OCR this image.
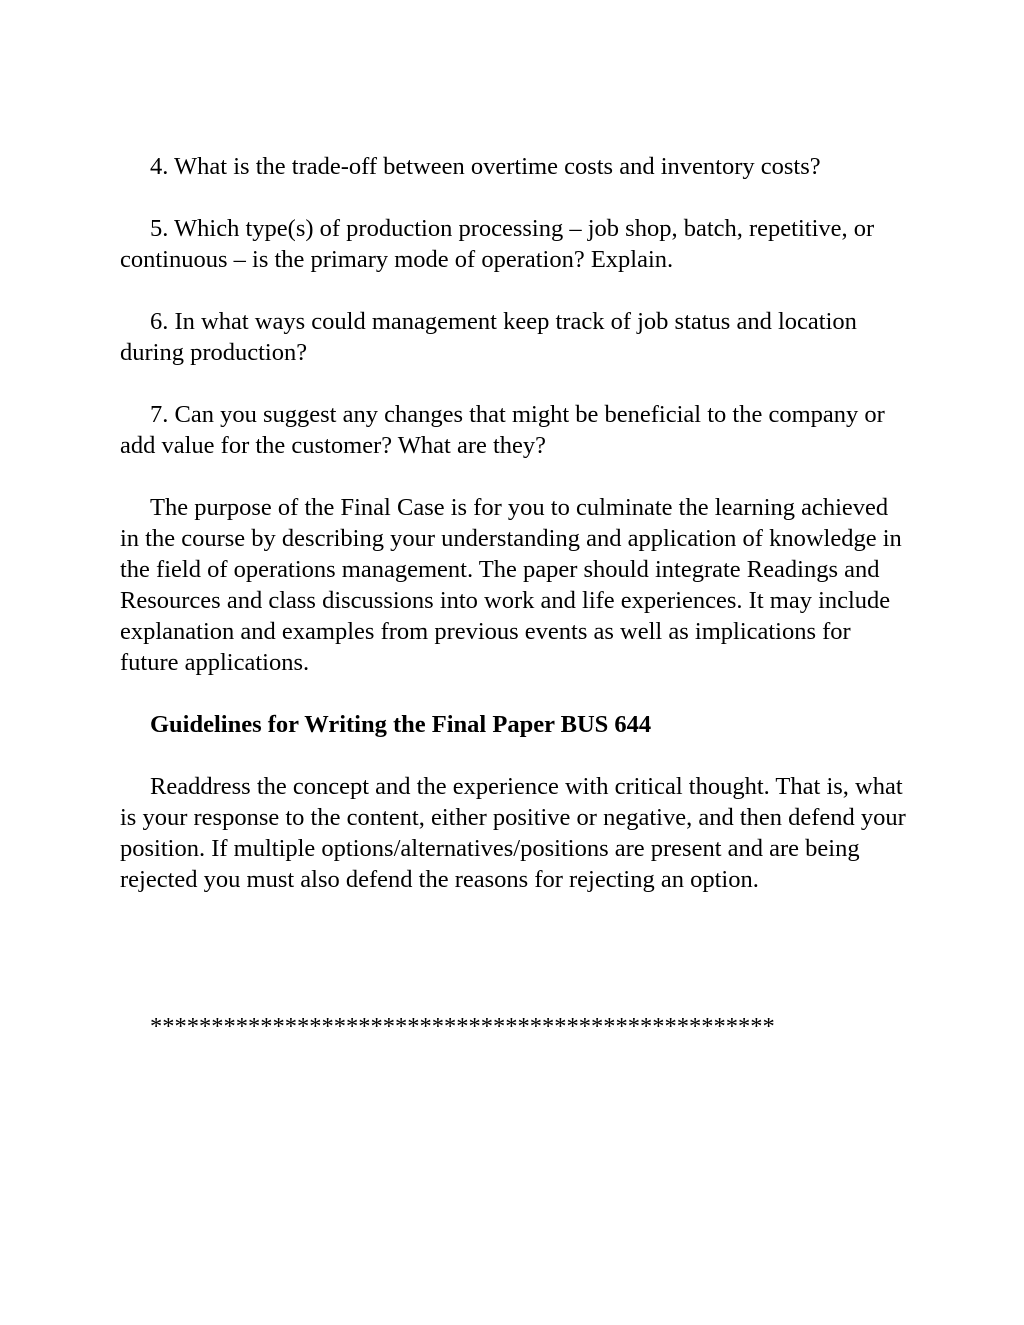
4. What is the trade-off between overtime costs and inventory costs?

5. Which type(s) of production processing – job shop, batch, repetitive, or continuous – is the primary mode of operation? Explain.

6. In what ways could management keep track of job status and location during production?

7. Can you suggest any changes that might be beneficial to the company or add value for the customer? What are they?

The purpose of the Final Case is for you to culminate the learning achieved in the course by describing your understanding and application of knowledge in the field of operations management. The paper should integrate Readings and Resources and class discussions into work and life experiences. It may include explanation and examples from previous events as well as implications for future applications.

Guidelines for Writing the Final Paper BUS 644

Readdress the concept and the experience with critical thought. That is, what is your response to the content, either positive or negative, and then defend your position. If multiple options/alternatives/positions are present and are being rejected you must also defend the reasons for rejecting an option.

***************************************************
